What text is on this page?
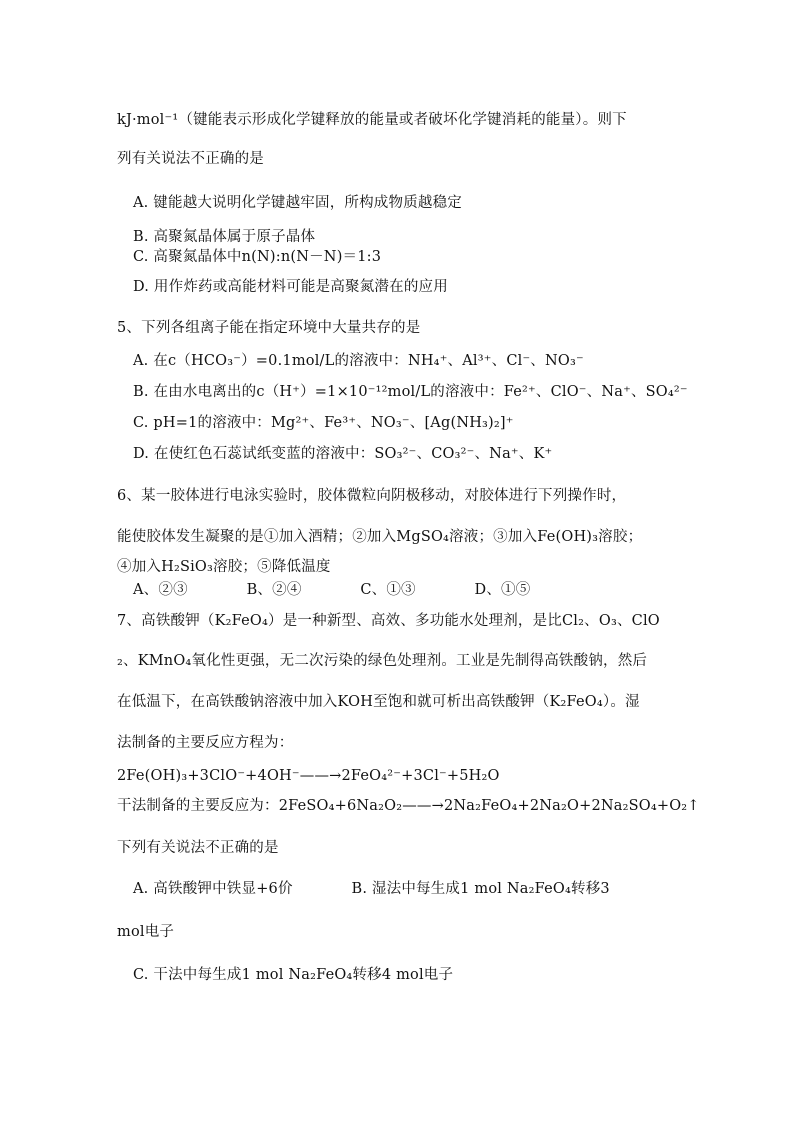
kJ·mol⁻¹（键能表示形成化学键释放的能量或者破坏化学键消耗的能量）。则下
列有关说法不正确的是
A. 键能越大说明化学键越牢固，所构成物质越稳定
B. 高聚氮晶体属于原子晶体
C. 高聚氮晶体中n(N):n(N－N)＝1:3
D. 用作炸药或高能材料可能是高聚氮潜在的应用
5、下列各组离子能在指定环境中大量共存的是
A. 在c（HCO₃⁻）=0.1mol/L的溶液中：NH₄⁺、Al³⁺、Cl⁻、NO₃⁻
B. 在由水电离出的c（H⁺）=1×10⁻¹²mol/L的溶液中：Fe²⁺、ClO⁻、Na⁺、SO₄²⁻
C. pH=1的溶液中：Mg²⁺、Fe³⁺、NO₃⁻、[Ag(NH₃)₂]⁺
D. 在使红色石蕊试纸变蓝的溶液中：SO₃²⁻、CO₃²⁻、Na⁺、K⁺
6、某一胶体进行电泳实验时，胶体微粒向阴极移动，对胶体进行下列操作时，
能使胶体发生凝聚的是①加入酒精；②加入MgSO₄溶液；③加入Fe(OH)₃溶胶；
④加入H₂SiO₃溶胶；⑤降低温度
A、②③　　　　B、②④　　　　C、①③　　　　D、①⑤
7、高铁酸钾（K₂FeO₄）是一种新型、高效、多功能水处理剂，是比Cl₂、O₃、ClO
₂、KMnO₄氧化性更强，无二次污染的绿色处理剂。工业是先制得高铁酸钠，然后
在低温下，在高铁酸钠溶液中加入KOH至饱和就可析出高铁酸钾（K₂FeO₄）。湿
法制备的主要反应方程为：
2Fe(OH)₃+3ClO⁻+4OH⁻——→2FeO₄²⁻+3Cl⁻+5H₂O
干法制备的主要反应为：2FeSO₄+6Na₂O₂——→2Na₂FeO₄+2Na₂O+2Na₂SO₄+O₂↑
下列有关说法不正确的是
A. 高铁酸钾中铁显+6价　　　　B. 湿法中每生成1 mol Na₂FeO₄转移3
mol电子
C. 干法中每生成1 mol Na₂FeO₄转移4 mol电子
